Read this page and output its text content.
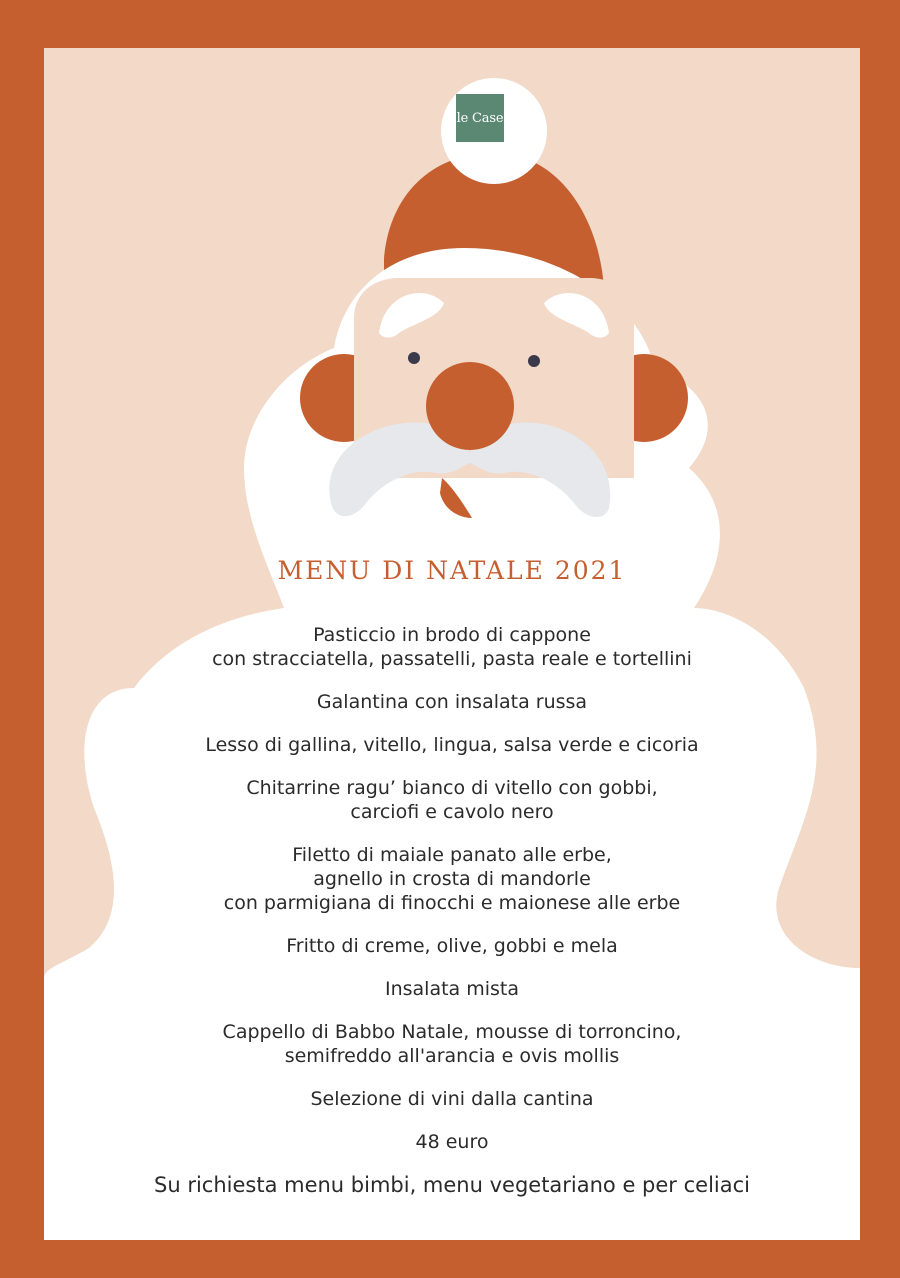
le Case
MENU DI NATALE 2021
Pasticcio in brodo di cappone
con stracciatella, passatelli, pasta reale e tortellini
Galantina con insalata russa
Lesso di gallina, vitello, lingua, salsa verde e cicoria
Chitarrine ragu’ bianco di vitello con gobbi,
carciofi e cavolo nero
Filetto di maiale panato alle erbe,
agnello in crosta di mandorle
con parmigiana di finocchi e maionese alle erbe
Fritto di creme, olive, gobbi e mela
Insalata mista
Cappello di Babbo Natale, mousse di torroncino,
semifreddo all'arancia e ovis mollis
Selezione di vini dalla cantina
48 euro
Su richiesta menu bimbi, menu vegetariano e per celiaci
